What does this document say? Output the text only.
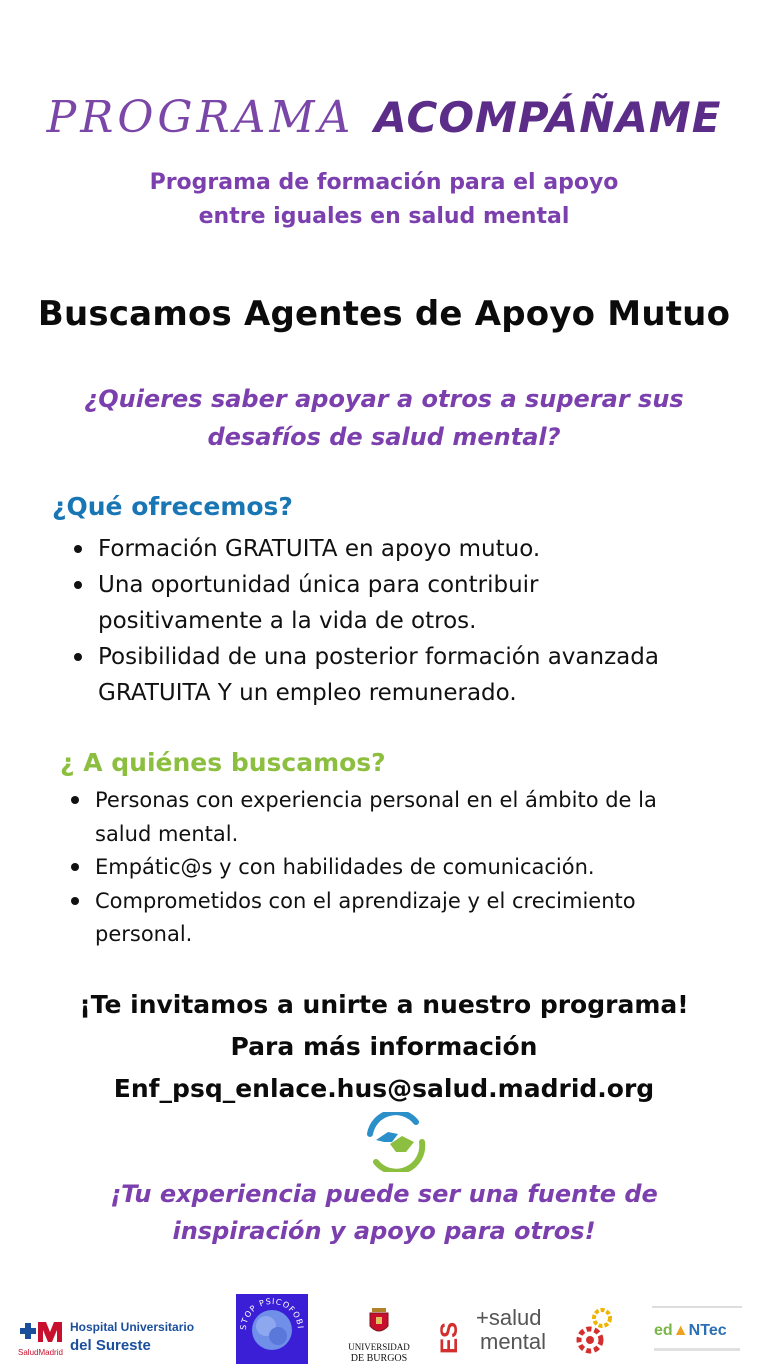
PROGRAMA ACOMPÁÑAME
Programa de formación para el apoyo
entre iguales en salud mental
Buscamos Agentes de Apoyo Mutuo
¿Quieres saber apoyar a otros a superar sus
desafíos de salud mental?
¿Qué ofrecemos?
Formación GRATUITA en apoyo mutuo.
Una oportunidad única para contribuir
positivamente a la vida de otros.
Posibilidad de una posterior formación avanzada
GRATUITA Y un empleo remunerado.
¿ A quiénes buscamos?
Personas con experiencia personal en el ámbito de la
salud mental.
Empátic@s y con habilidades de comunicación.
Comprometidos con el aprendizaje y el crecimiento
personal.
¡Te invitamos a unirte a nuestro programa!
Para más información
Enf_psq_enlace.hus@salud.madrid.org
¡Tu experiencia puede ser una fuente de
inspiración y apoyo para otros!
SaludMadrid
Hospital Universitario
del Sureste
STOP PSICOFOBI
UNIVERSIDAD
DE BURGOS
ES
+salud
mental	ed▲NTec
